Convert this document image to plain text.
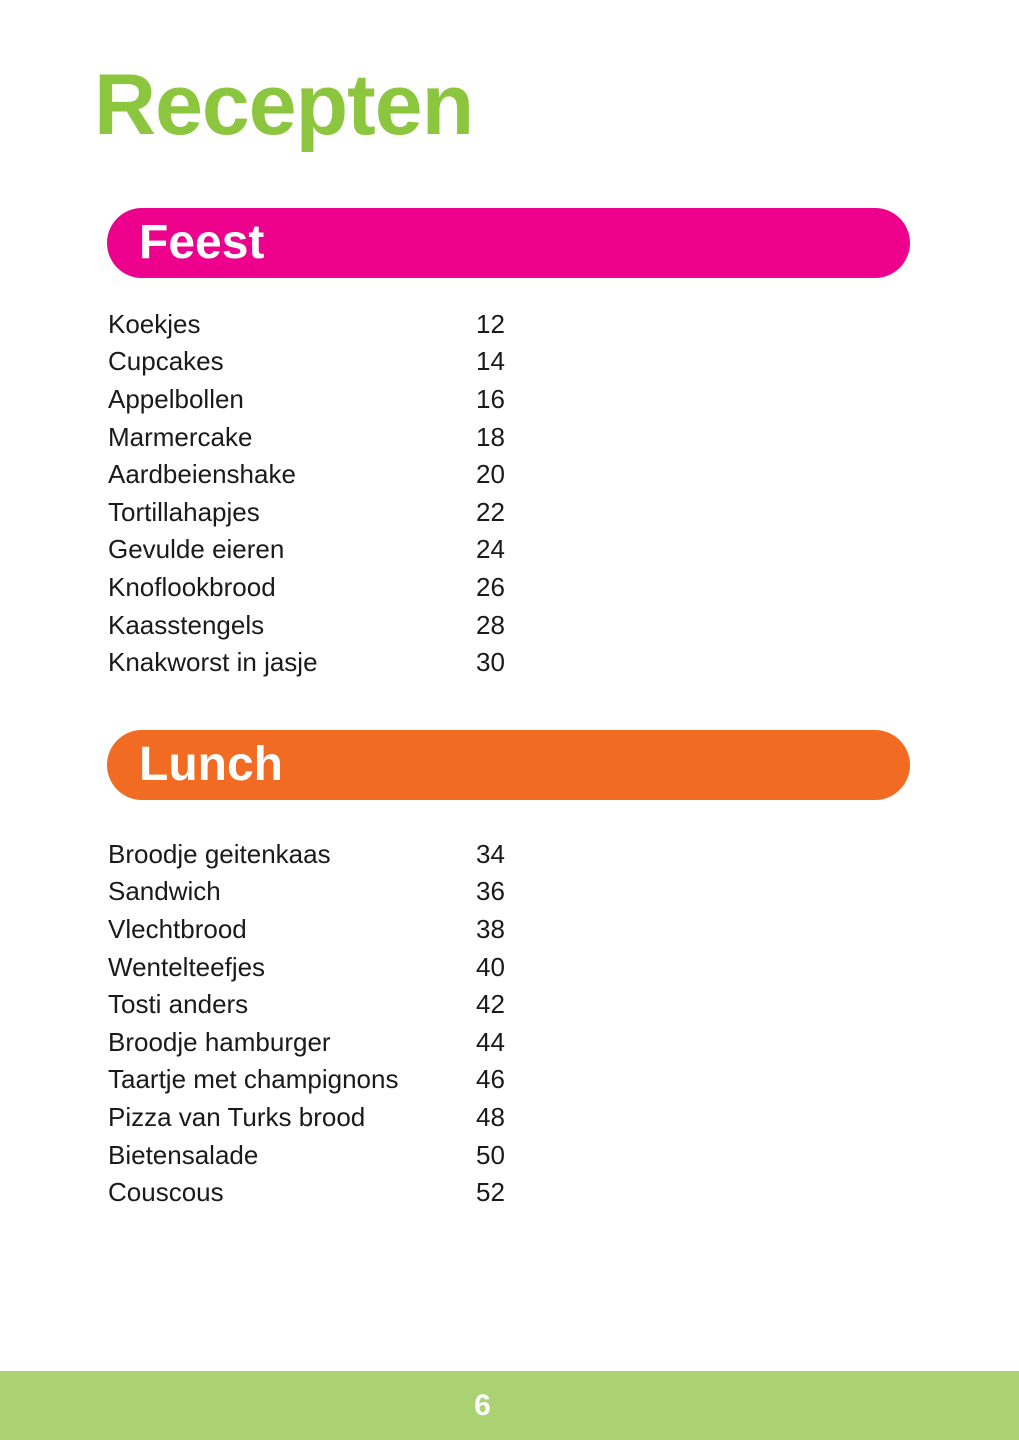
Recepten
Feest
Koekjes	12
Cupcakes	14
Appelbollen	16
Marmercake	18
Aardbeienshake	20
Tortillahapjes	22
Gevulde eieren	24
Knoflookbrood	26
Kaasstengels	28
Knakworst in jasje	30
Lunch
Broodje geitenkaas	34
Sandwich	36
Vlechtbrood	38
Wentelteefjes	40
Tosti anders	42
Broodje hamburger	44
Taartje met champignons	46
Pizza van Turks brood	48
Bietensalade	50
Couscous	52
6
